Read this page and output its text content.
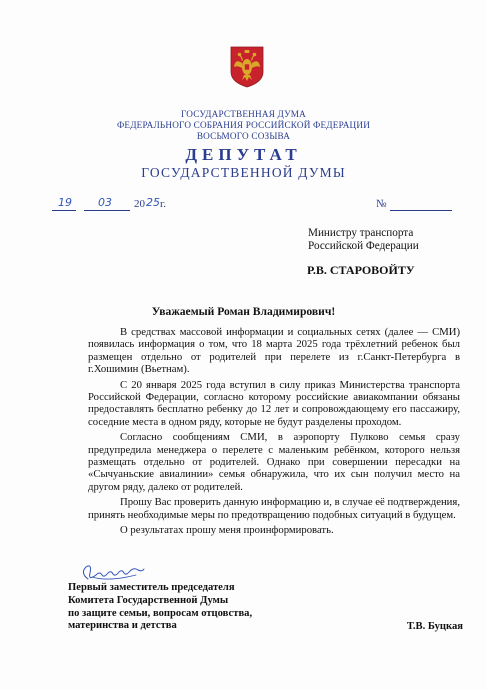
ГОСУДАРСТВЕННАЯ ДУМА
ФЕДЕРАЛЬНОГО СОБРАНИЯ РОССИЙСКОЙ ФЕДЕРАЦИИ
ВОСЬМОГО СОЗЫВА
ДЕПУТАТ
ГОСУДАРСТВЕННОЙ ДУМЫ
19 03 20 25 г.	№
Министру транспорта
Российской Федерации
Р.В. СТАРОВОЙТУ
Уважаемый Роман Владимирович!

В средствах массовой информации и социальных сетях (далее — СМИ) появилась информация о том, что 18 марта 2025 года трёхлетний ребенок был размещен отдельно от родителей при перелете из г.Санкт-Петербурга в г.Хошимин (Вьетнам).

С 20 января 2025 года вступил в силу приказ Министерства транспорта Российской Федерации, согласно которому российские авиакомпании обязаны предоставлять бесплатно ребенку до 12 лет и сопровождающему его пассажиру, соседние места в одном ряду, которые не будут разделены проходом.

Согласно сообщениям СМИ, в аэропорту Пулково семья сразу предупредила менеджера о перелете с маленьким ребёнком, которого нельзя размещать отдельно от родителей. Однако при совершении пересадки на «Сычуаньские авиалинии» семья обнаружила, что их сын получил место на другом ряду, далеко от родителей.

Прошу Вас проверить данную информацию и, в случае её подтверждения, принять необходимые меры по предотвращению подобных ситуаций в будущем.

О результатах прошу меня проинформировать.

Первый заместитель председателя
Комитета Государственной Думы
по защите семьи, вопросам отцовства,
материнства и детства	Т.В. Буцкая
